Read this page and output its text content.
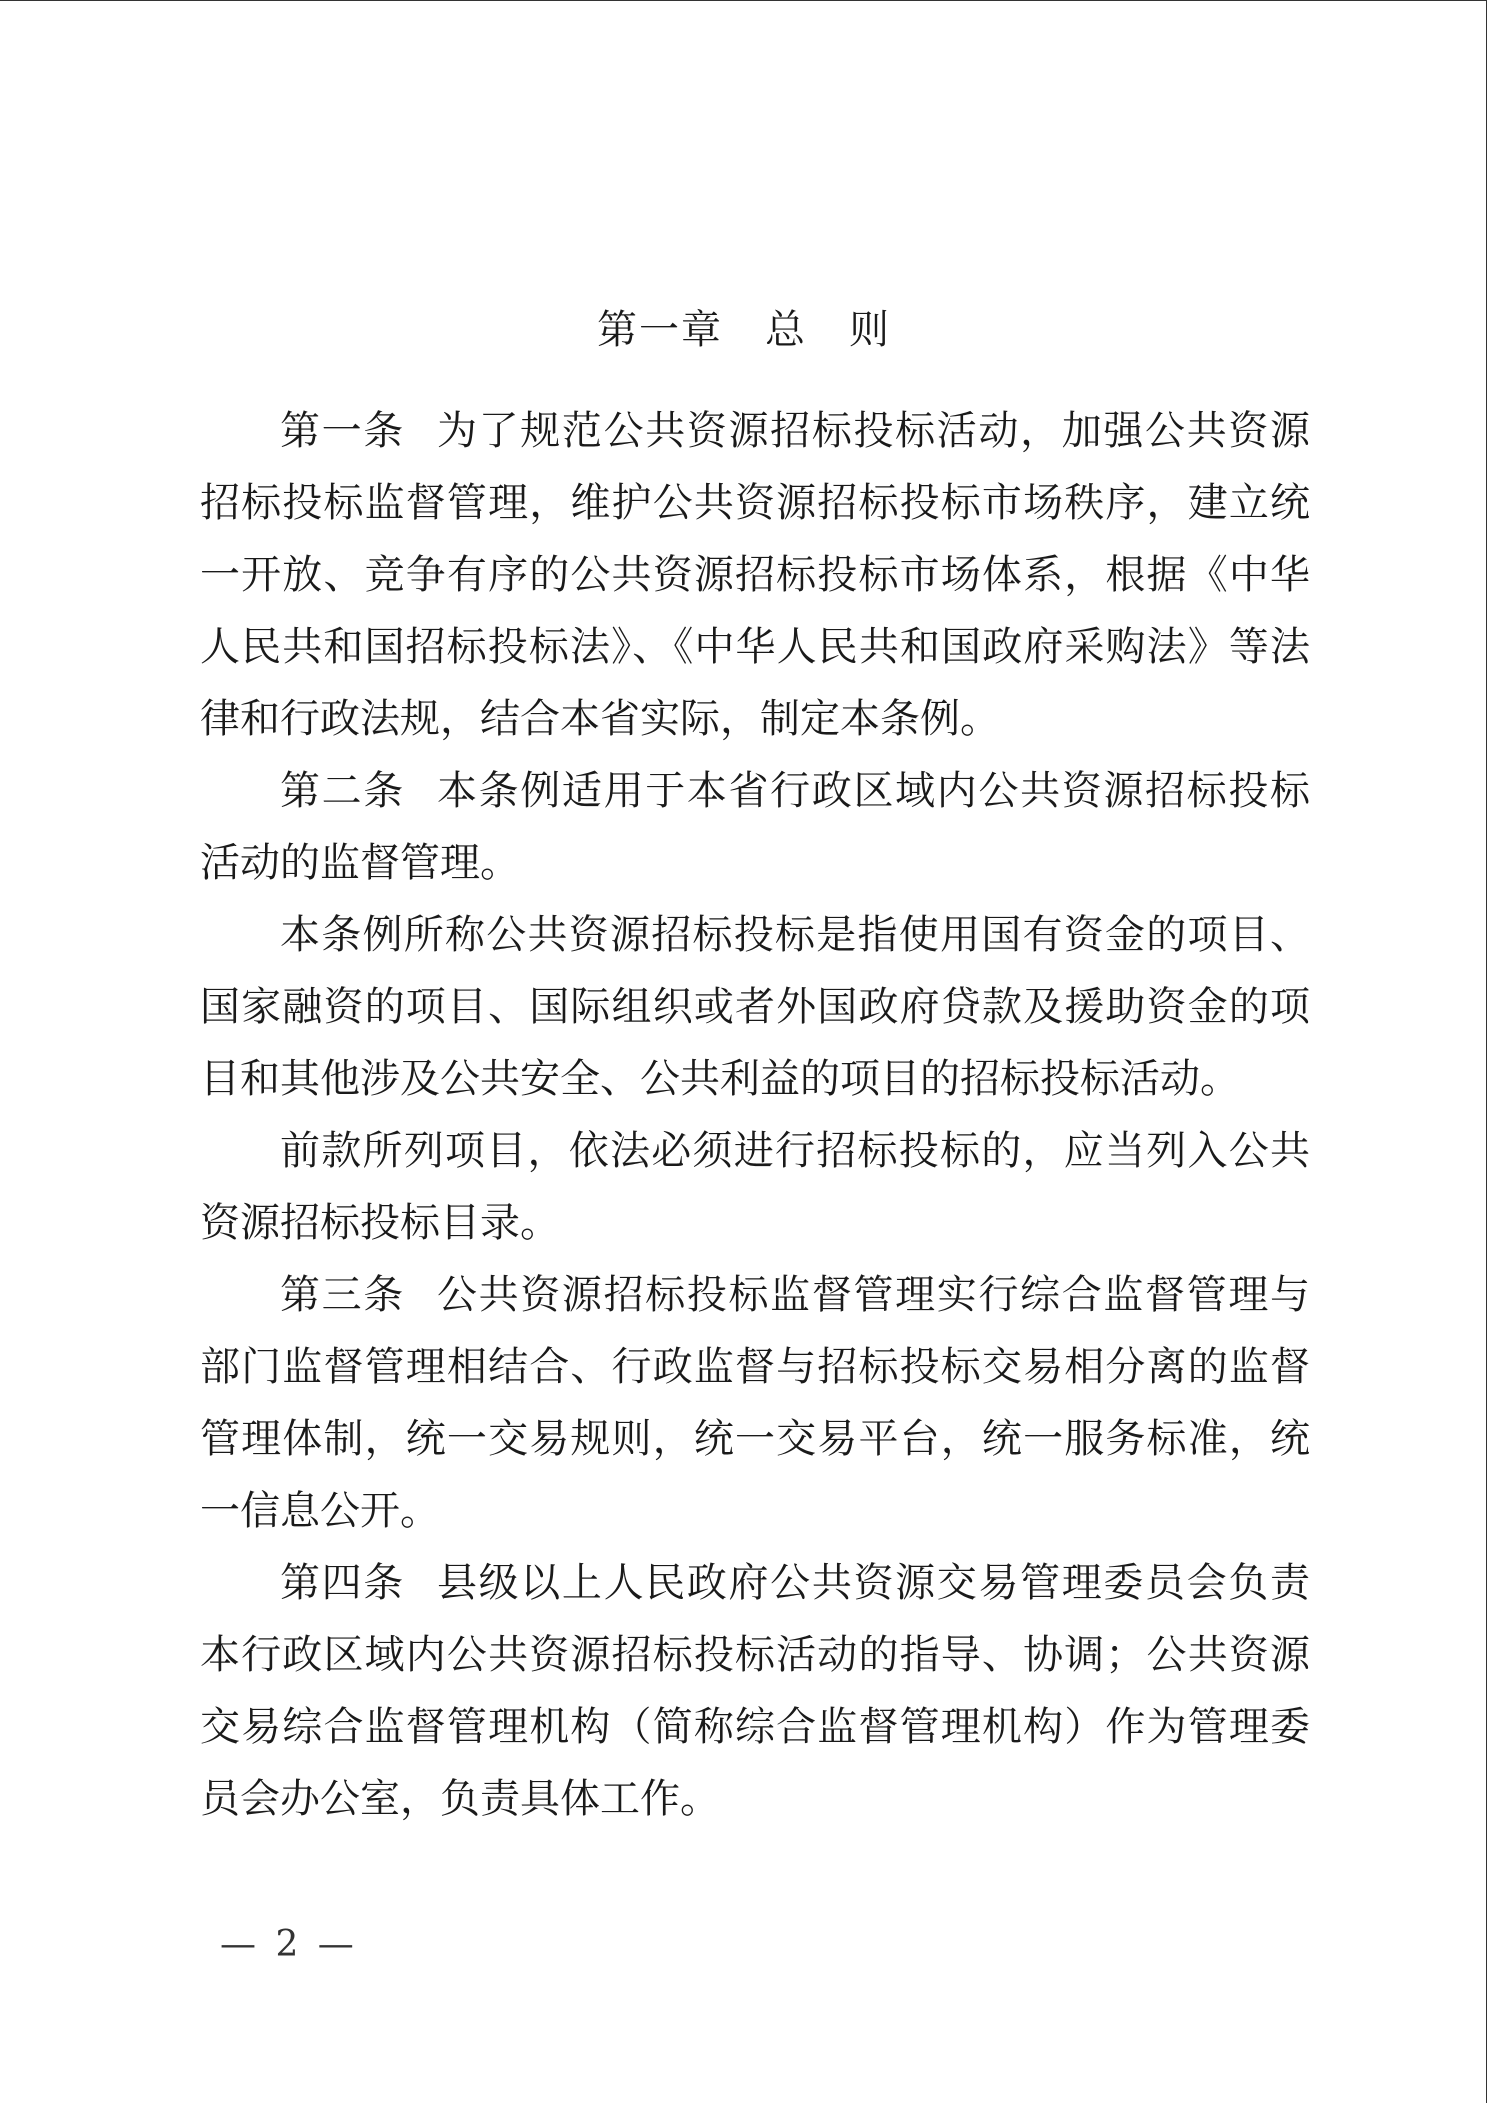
第一章　总　则

第一条 为了规范公共资源招标投标活动，加强公共资源招标投标监督管理，维护公共资源招标投标市场秩序，建立统一开放、竞争有序的公共资源招标投标市场体系，根据《中华人民共和国招标投标法》、《中华人民共和国政府采购法》等法律和行政法规，结合本省实际，制定本条例。

第二条 本条例适用于本省行政区域内公共资源招标投标活动的监督管理。

本条例所称公共资源招标投标是指使用国有资金的项目、国家融资的项目、国际组织或者外国政府贷款及援助资金的项目和其他涉及公共安全、公共利益的项目的招标投标活动。

前款所列项目，依法必须进行招标投标的，应当列入公共资源招标投标目录。

第三条 公共资源招标投标监督管理实行综合监督管理与部门监督管理相结合、行政监督与招标投标交易相分离的监督管理体制，统一交易规则，统一交易平台，统一服务标准，统一信息公开。

第四条 县级以上人民政府公共资源交易管理委员会负责本行政区域内公共资源招标投标活动的指导、协调；公共资源交易综合监督管理机构（简称综合监督管理机构）作为管理委员会办公室，负责具体工作。

— 2 —
